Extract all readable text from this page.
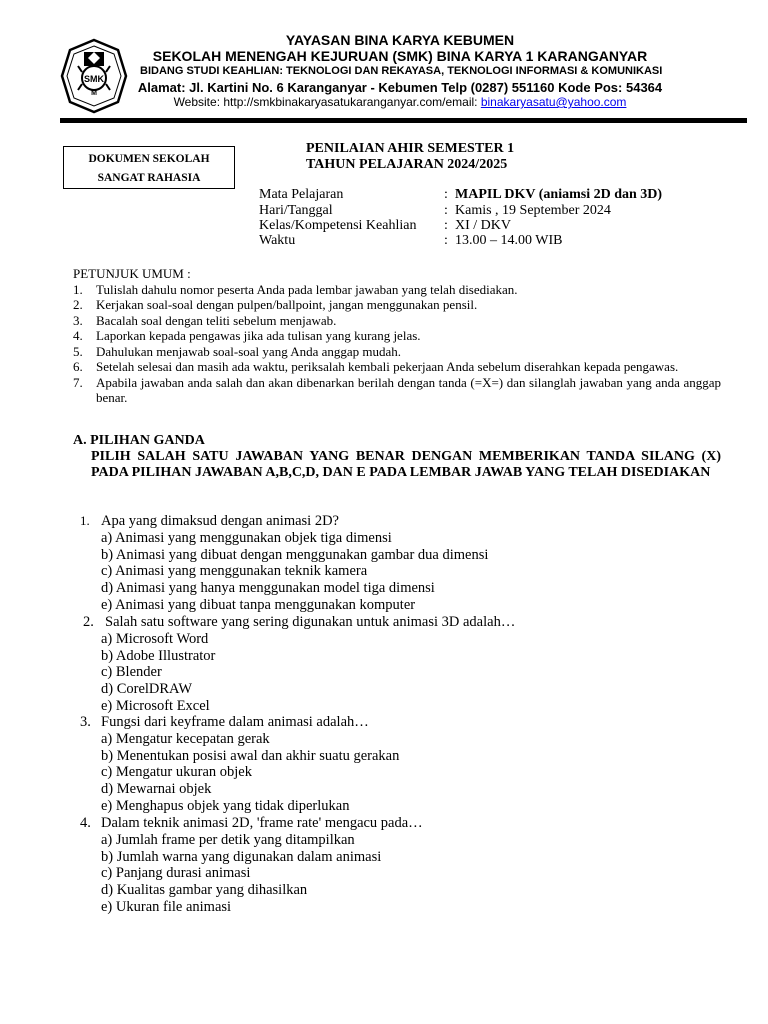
SMK
M
YAYASAN BINA KARYA KEBUMEN
SEKOLAH MENENGAH KEJURUAN (SMK) BINA KARYA 1 KARANGANYAR
BIDANG STUDI KEAHLIAN: TEKNOLOGI DAN REKAYASA, TEKNOLOGI INFORMASI & KOMUNIKASI
Alamat: Jl. Kartini No. 6 Karanganyar - Kebumen Telp (0287) 551160 Kode Pos: 54364
Website: http://smkbinakaryasatukaranganyar.com/email: binakaryasatu@yahoo.com
DOKUMEN SEKOLAH
SANGAT RAHASIA
PENILAIAN AHIR SEMESTER 1
TAHUN PELAJARAN 2024/2025
Mata Pelajaran	: MAPIL DKV (aniamsi 2D dan 3D)
Hari/Tanggal	: Kamis , 19 September 2024
Kelas/Kompetensi Keahlian : XI / DKV
Waktu	: 13.00 – 14.00 WIB
PETUNJUK UMUM :
1. Tulislah dahulu nomor peserta Anda pada lembar jawaban yang telah disediakan.
2. Kerjakan soal-soal dengan pulpen/ballpoint, jangan menggunakan pensil.
3. Bacalah soal dengan teliti sebelum menjawab.
4. Laporkan kepada pengawas jika ada tulisan yang kurang jelas.
5. Dahulukan menjawab soal-soal yang Anda anggap mudah.
6. Setelah selesai dan masih ada waktu, periksalah kembali pekerjaan Anda sebelum diserahkan kepada pengawas.
7. Apabila jawaban anda salah dan akan dibenarkan berilah dengan tanda (=X=) dan silanglah jawaban yang anda anggap benar.
A. PILIHAN GANDA
PILIH SALAH SATU JAWABAN YANG BENAR DENGAN MEMBERIKAN TANDA SILANG (X) PADA PILIHAN JAWABAN A,B,C,D, DAN E PADA LEMBAR JAWAB YANG TELAH DISEDIAKAN
1. Apa yang dimaksud dengan animasi 2D?
a) Animasi yang menggunakan objek tiga dimensi
b) Animasi yang dibuat dengan menggunakan gambar dua dimensi
c) Animasi yang menggunakan teknik kamera
d) Animasi yang hanya menggunakan model tiga dimensi
e) Animasi yang dibuat tanpa menggunakan komputer
2. Salah satu software yang sering digunakan untuk animasi 3D adalah…
a) Microsoft Word
b) Adobe Illustrator
c) Blender
d) CorelDRAW
e) Microsoft Excel
3. Fungsi dari keyframe dalam animasi adalah…
a) Mengatur kecepatan gerak
b) Menentukan posisi awal dan akhir suatu gerakan
c) Mengatur ukuran objek
d) Mewarnai objek
e) Menghapus objek yang tidak diperlukan
4. Dalam teknik animasi 2D, 'frame rate' mengacu pada…
a) Jumlah frame per detik yang ditampilkan
b) Jumlah warna yang digunakan dalam animasi
c) Panjang durasi animasi
d) Kualitas gambar yang dihasilkan
e) Ukuran file animasi
